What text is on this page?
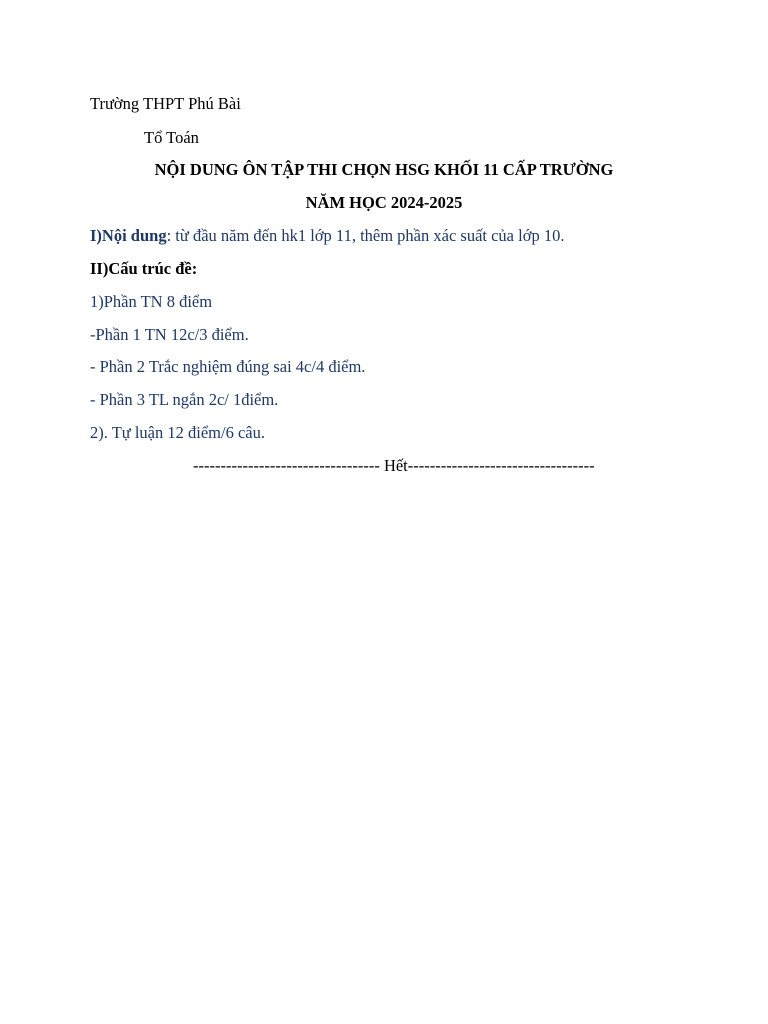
Trường THPT Phú Bài
Tổ Toán
NỘI DUNG ÔN TẬP THI CHỌN HSG KHỐI 11 CẤP TRƯỜNG
NĂM HỌC 2024-2025
I)Nội dung: từ đầu năm đến hk1 lớp 11, thêm phần xác suất của lớp 10.
II)Cấu trúc đề:
1)Phần TN 8 điểm
-Phần 1 TN 12c/3 điểm.
- Phần 2 Trắc nghiệm đúng sai 4c/4 điểm.
- Phần 3 TL ngắn 2c/ 1điểm.
2). Tự luận 12 điểm/6 câu.
---------------------------------- Hết----------------------------------
